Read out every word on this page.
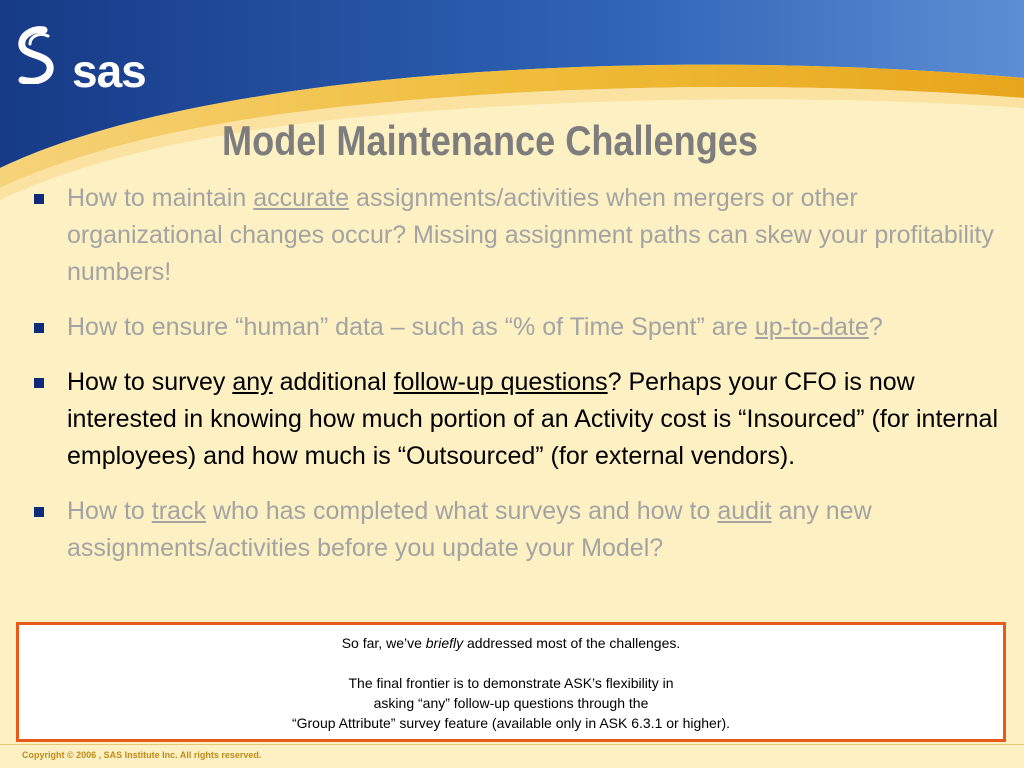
sas
Model Maintenance Challenges
How to maintain accurate assignments/activities when mergers or other organizational changes occur? Missing assignment paths can skew your profitability numbers!
How to ensure “human” data – such as “% of Time Spent” are up-to-date?
How to survey any additional follow-up questions? Perhaps your CFO is now interested in knowing how much portion of an Activity cost is “Insourced” (for internal employees) and how much is “Outsourced” (for external vendors).
How to track who has completed what surveys and how to audit any new assignments/activities before you update your Model?

So far, we’ve briefly addressed most of the challenges.

The final frontier is to demonstrate ASK’s flexibility in

asking “any” follow-up questions through the

“Group Attribute” survey feature (available only in ASK 6.3.1 or higher).

Copyright © 2006 , SAS Institute Inc. All rights reserved.
